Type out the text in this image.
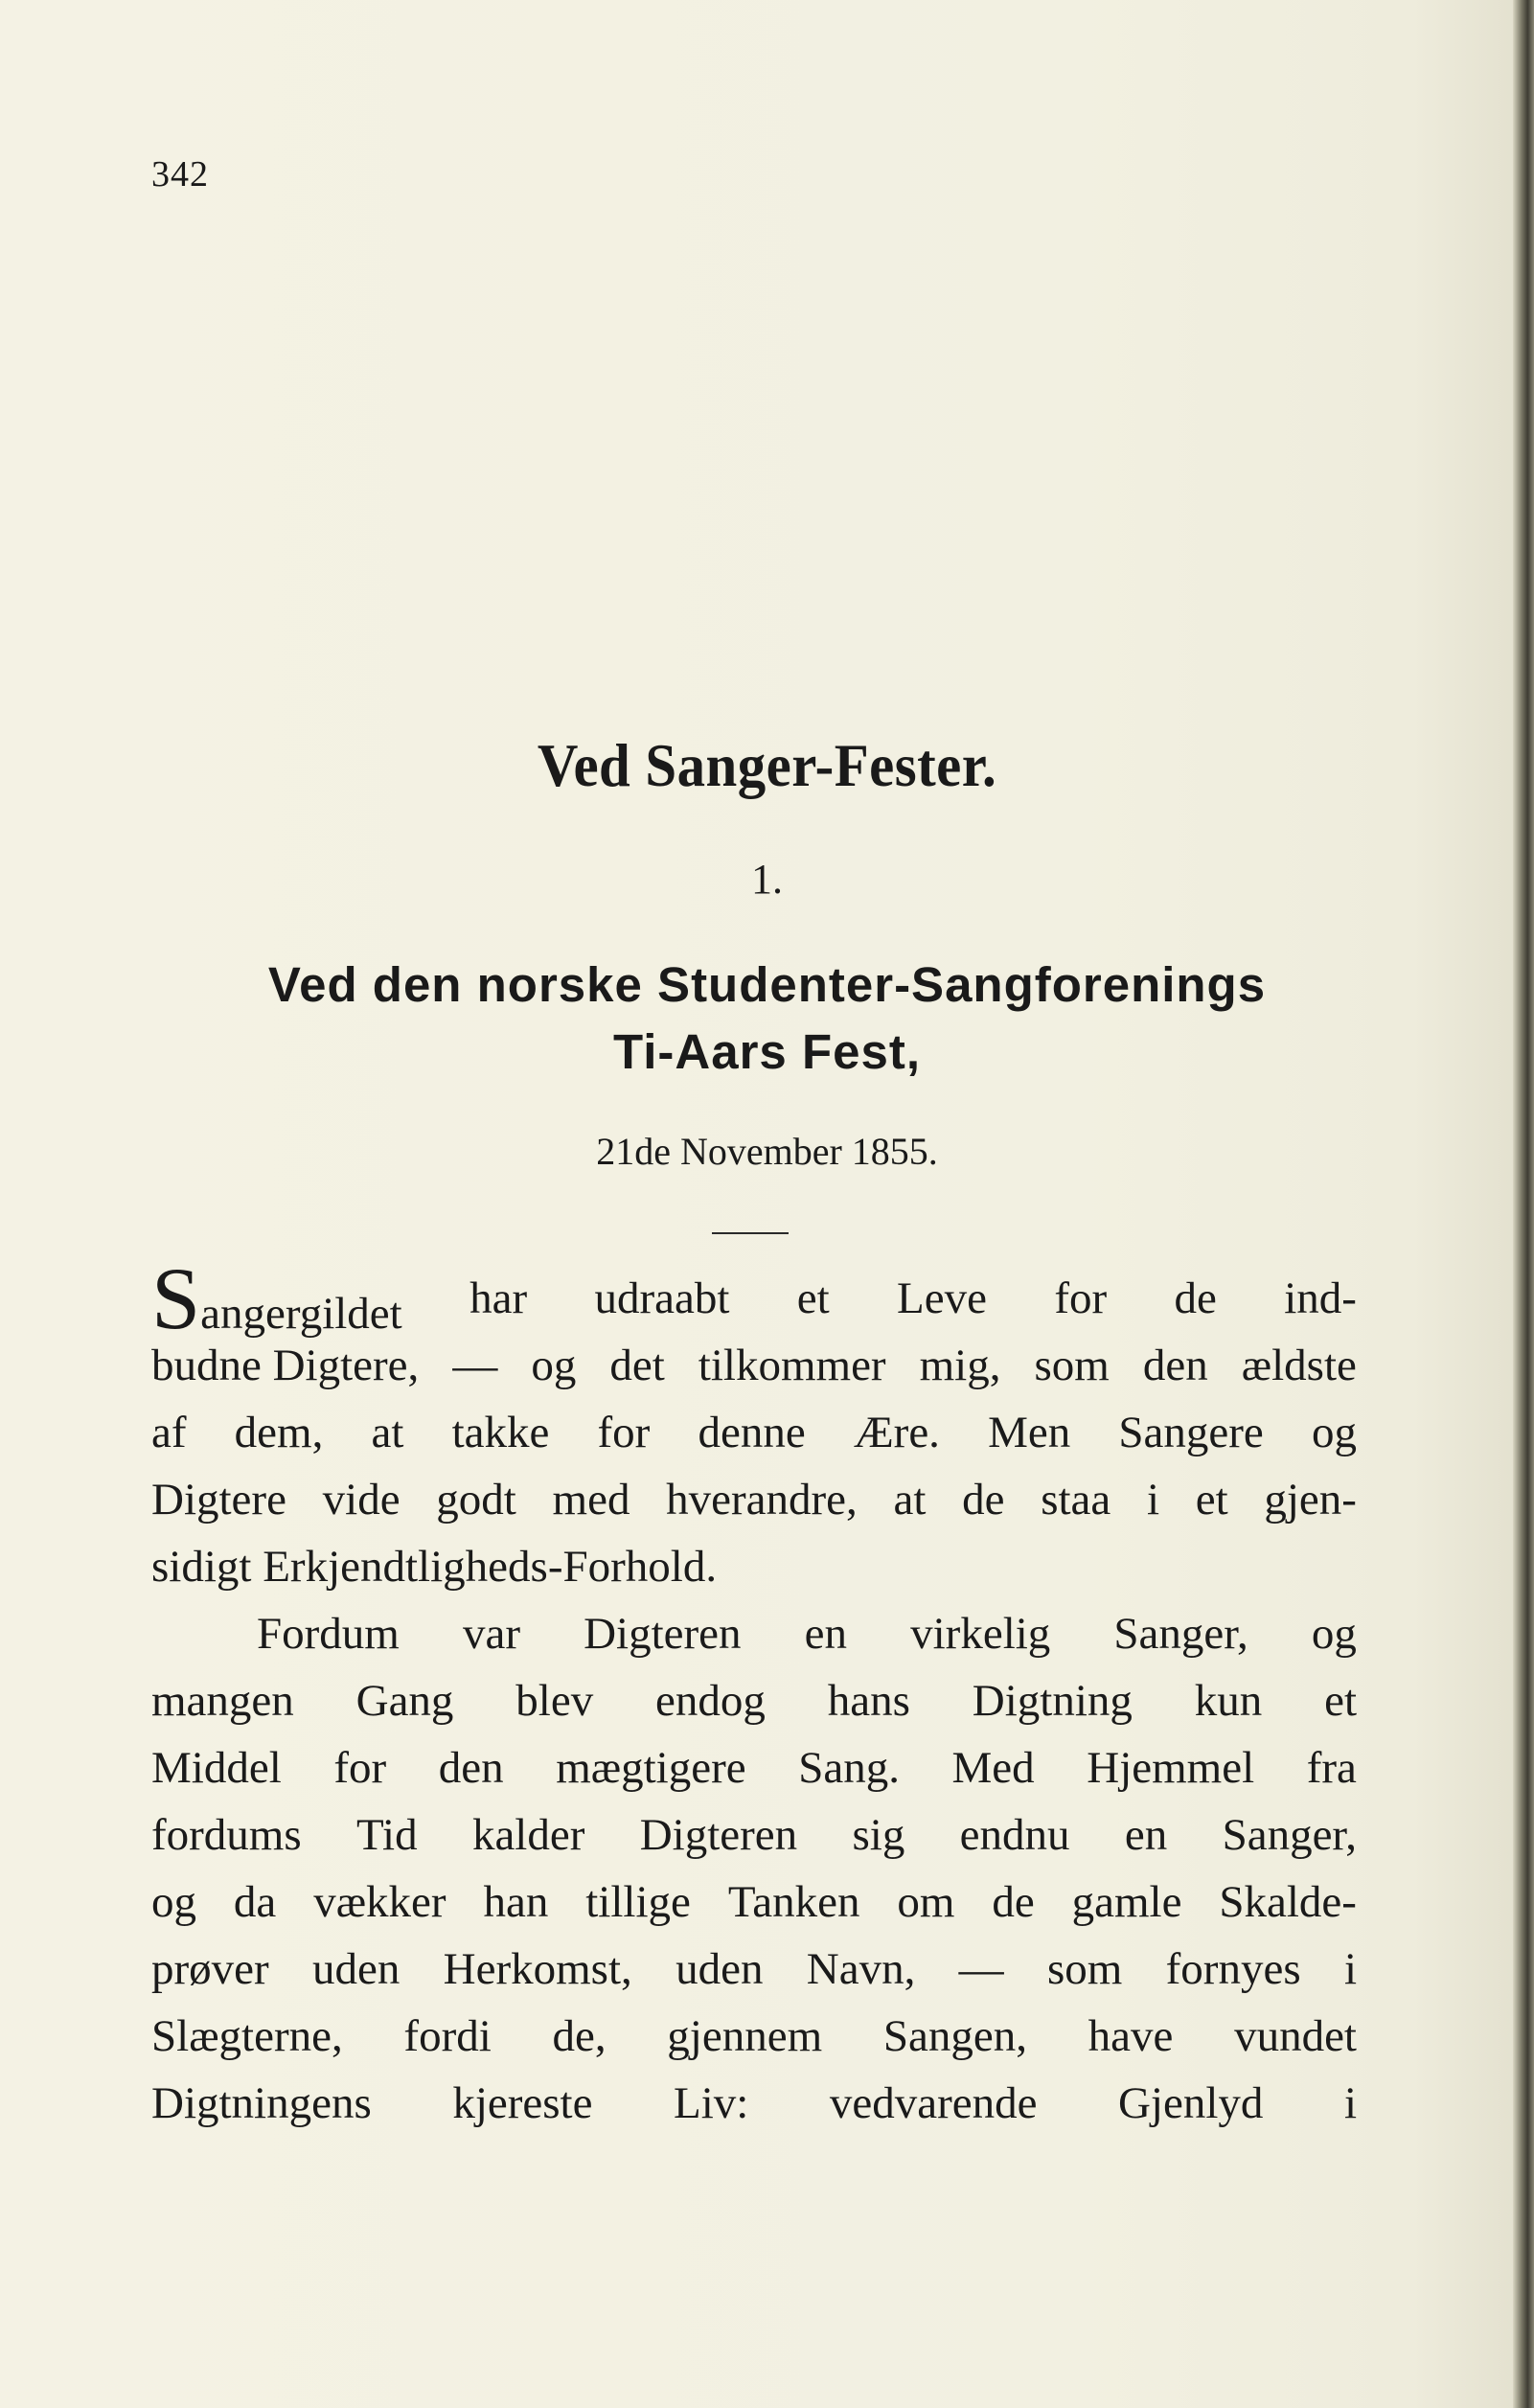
342
Ved Sanger-Fester.
1.
Ved den norske Studenter-Sangforenings
Ti-Aars Fest,
21de November 1855.
Sangergildet har udraabt et Leve for de ind-
budne Digtere, — og det tilkommer mig, som den ældste
af dem, at takke for denne Ære. Men Sangere og
Digtere vide godt med hverandre, at de staa i et gjen-
sidigt Erkjendtligheds-Forhold.
Fordum var Digteren en virkelig Sanger, og
mangen Gang blev endog hans Digtning kun et
Middel for den mægtigere Sang. Med Hjemmel fra
fordums Tid kalder Digteren sig endnu en Sanger,
og da vækker han tillige Tanken om de gamle Skalde-
prøver uden Herkomst, uden Navn, — som fornyes i
Slægterne, fordi de, gjennem Sangen, have vundet
Digtningens kjereste Liv: vedvarende Gjenlyd i
